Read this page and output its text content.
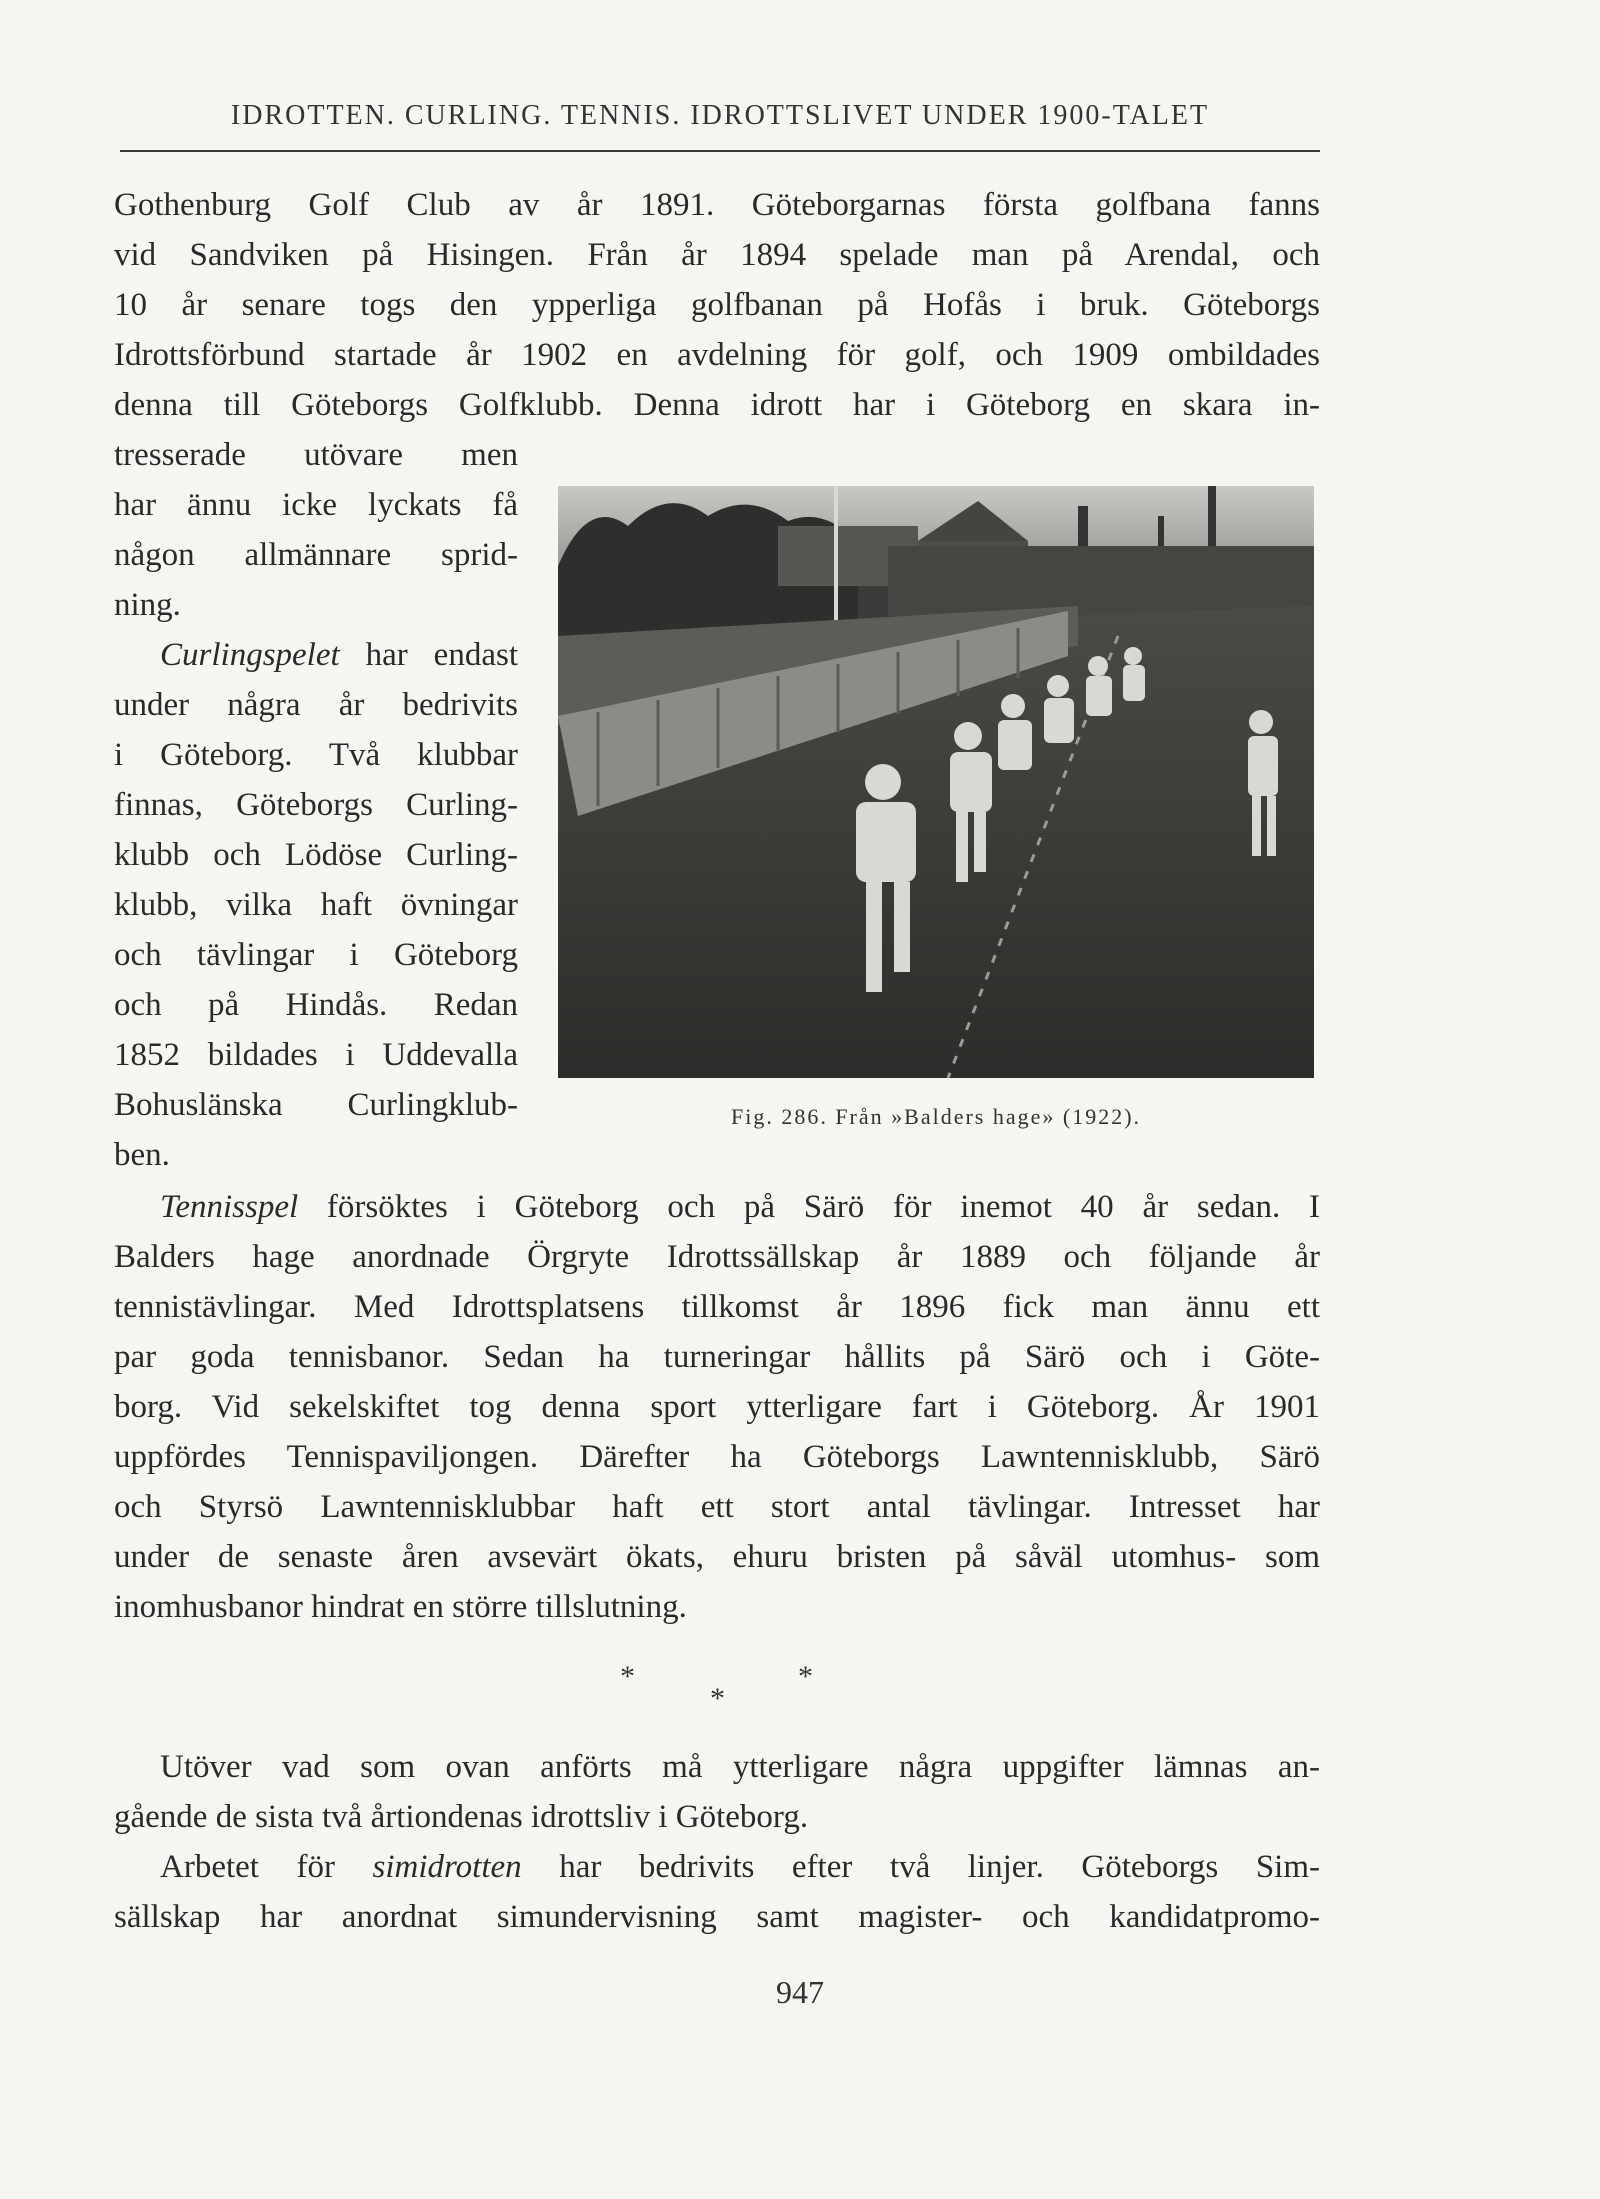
IDROTTEN. CURLING. TENNIS. IDROTTSLIVET UNDER 1900-TALET

Gothenburg Golf Club av år 1891. Göteborgarnas första golfbana fanns

vid Sandviken på Hisingen. Från år 1894 spelade man på Arendal, och

10 år senare togs den ypperliga golfbanan på Hofås i bruk. Göteborgs

Idrottsförbund startade år 1902 en avdelning för golf, och 1909 ombildades

denna till Göteborgs Golfklubb. Denna idrott har i Göteborg en skara in-

tresserade utövare men

har ännu icke lyckats få

någon allmännare sprid-

ning.

Curlingspelet har endast

under några år bedrivits

i Göteborg. Två klubbar

finnas, Göteborgs Curling-

klubb och Lödöse Curling-

klubb, vilka haft övningar

och tävlingar i Göteborg

och på Hindås. Redan

1852 bildades i Uddevalla

Bohuslänska Curlingklub-

ben.

Fig. 286. Från »Balders hage» (1922).

Tennisspel försöktes i Göteborg och på Särö för inemot 40 år sedan. I

Balders hage anordnade Örgryte Idrottssällskap år 1889 och följande år

tennistävlingar. Med Idrottsplatsens tillkomst år 1896 fick man ännu ett

par goda tennisbanor. Sedan ha turneringar hållits på Särö och i Göte-

borg. Vid sekelskiftet tog denna sport ytterligare fart i Göteborg. År 1901

uppfördes Tennispaviljongen. Därefter ha Göteborgs Lawntennisklubb, Särö

och Styrsö Lawntennisklubbar haft ett stort antal tävlingar. Intresset har

under de senaste åren avsevärt ökats, ehuru bristen på såväl utomhus- som

inomhusbanor hindrat en större tillslutning.

*
*
*

Utöver vad som ovan anförts må ytterligare några uppgifter lämnas an-

gående de sista två årtiondenas idrottsliv i Göteborg.

Arbetet för simidrotten har bedrivits efter två linjer. Göteborgs Sim-

sällskap har anordnat simundervisning samt magister- och kandidatpromo-

947
